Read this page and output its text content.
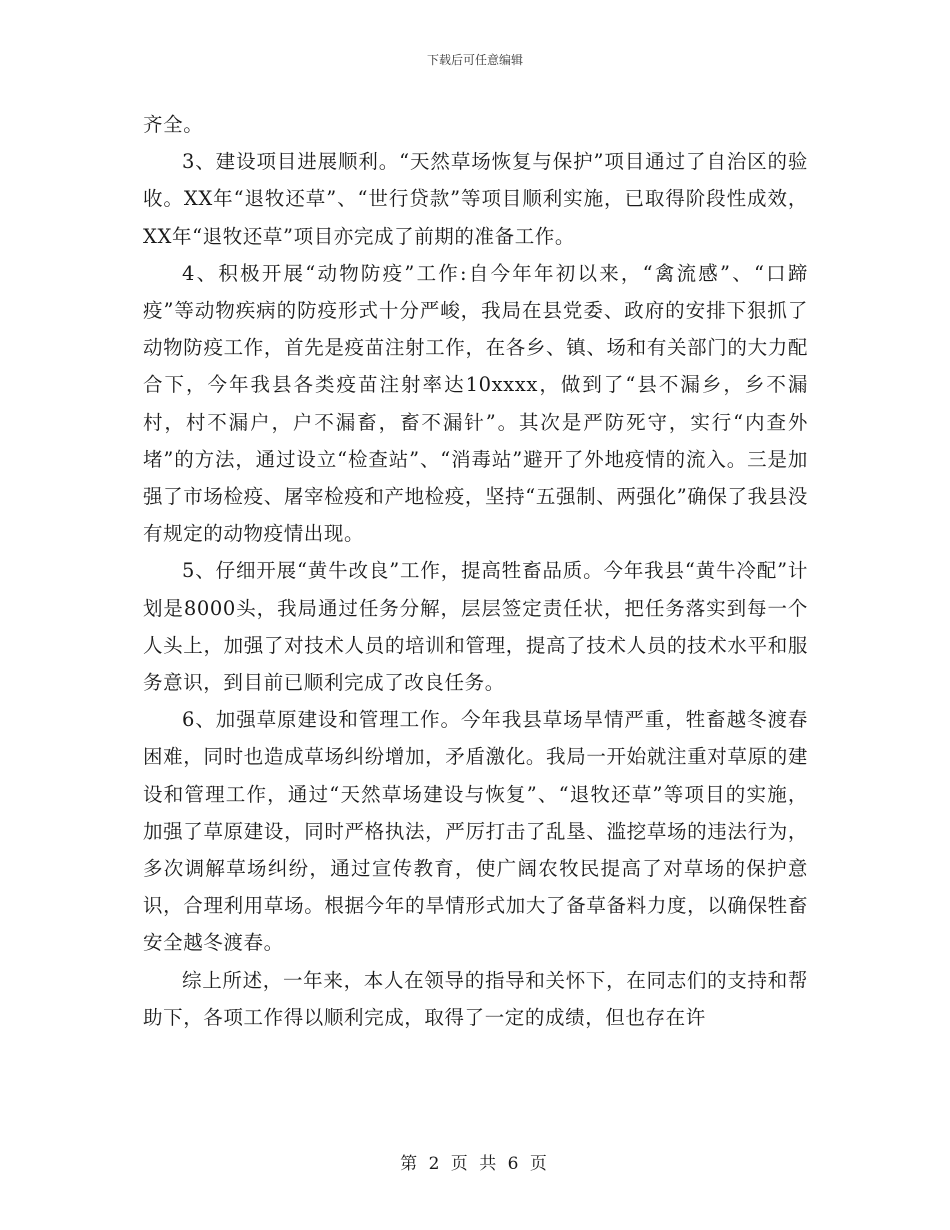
下载后可任意编辑

齐全。

3、建设项目进展顺利。“天然草场恢复与保护”项目通过了自治区的验收。XX年“退牧还草”、“世行贷款”等项目顺利实施，已取得阶段性成效，XX年“退牧还草”项目亦完成了前期的准备工作。

4、积极开展“动物防疫”工作:自今年年初以来，“禽流感”、“口蹄疫”等动物疾病的防疫形式十分严峻，我局在县党委、政府的安排下狠抓了动物防疫工作，首先是疫苗注射工作，在各乡、镇、场和有关部门的大力配合下，今年我县各类疫苗注射率达10xxxx，做到了“县不漏乡，乡不漏村，村不漏户，户不漏畜，畜不漏针”。其次是严防死守，实行“内查外堵”的方法，通过设立“检查站”、“消毒站”避开了外地疫情的流入。三是加强了市场检疫、屠宰检疫和产地检疫，坚持“五强制、两强化”确保了我县没有规定的动物疫情出现。

5、仔细开展“黄牛改良”工作，提高牲畜品质。今年我县“黄牛冷配”计划是8000头，我局通过任务分解，层层签定责任状，把任务落实到每一个人头上，加强了对技术人员的培训和管理，提高了技术人员的技术水平和服务意识，到目前已顺利完成了改良任务。

6、加强草原建设和管理工作。今年我县草场旱情严重，牲畜越冬渡春困难，同时也造成草场纠纷增加，矛盾激化。我局一开始就注重对草原的建设和管理工作，通过“天然草场建设与恢复”、“退牧还草”等项目的实施，加强了草原建设，同时严格执法，严厉打击了乱垦、滥挖草场的违法行为，多次调解草场纠纷，通过宣传教育，使广阔农牧民提高了对草场的保护意识，合理利用草场。根据今年的旱情形式加大了备草备料力度，以确保牲畜安全越冬渡春。

综上所述，一年来，本人在领导的指导和关怀下，在同志们的支持和帮助下，各项工作得以顺利完成，取得了一定的成绩，但也存在许

第 2 页 共 6 页
